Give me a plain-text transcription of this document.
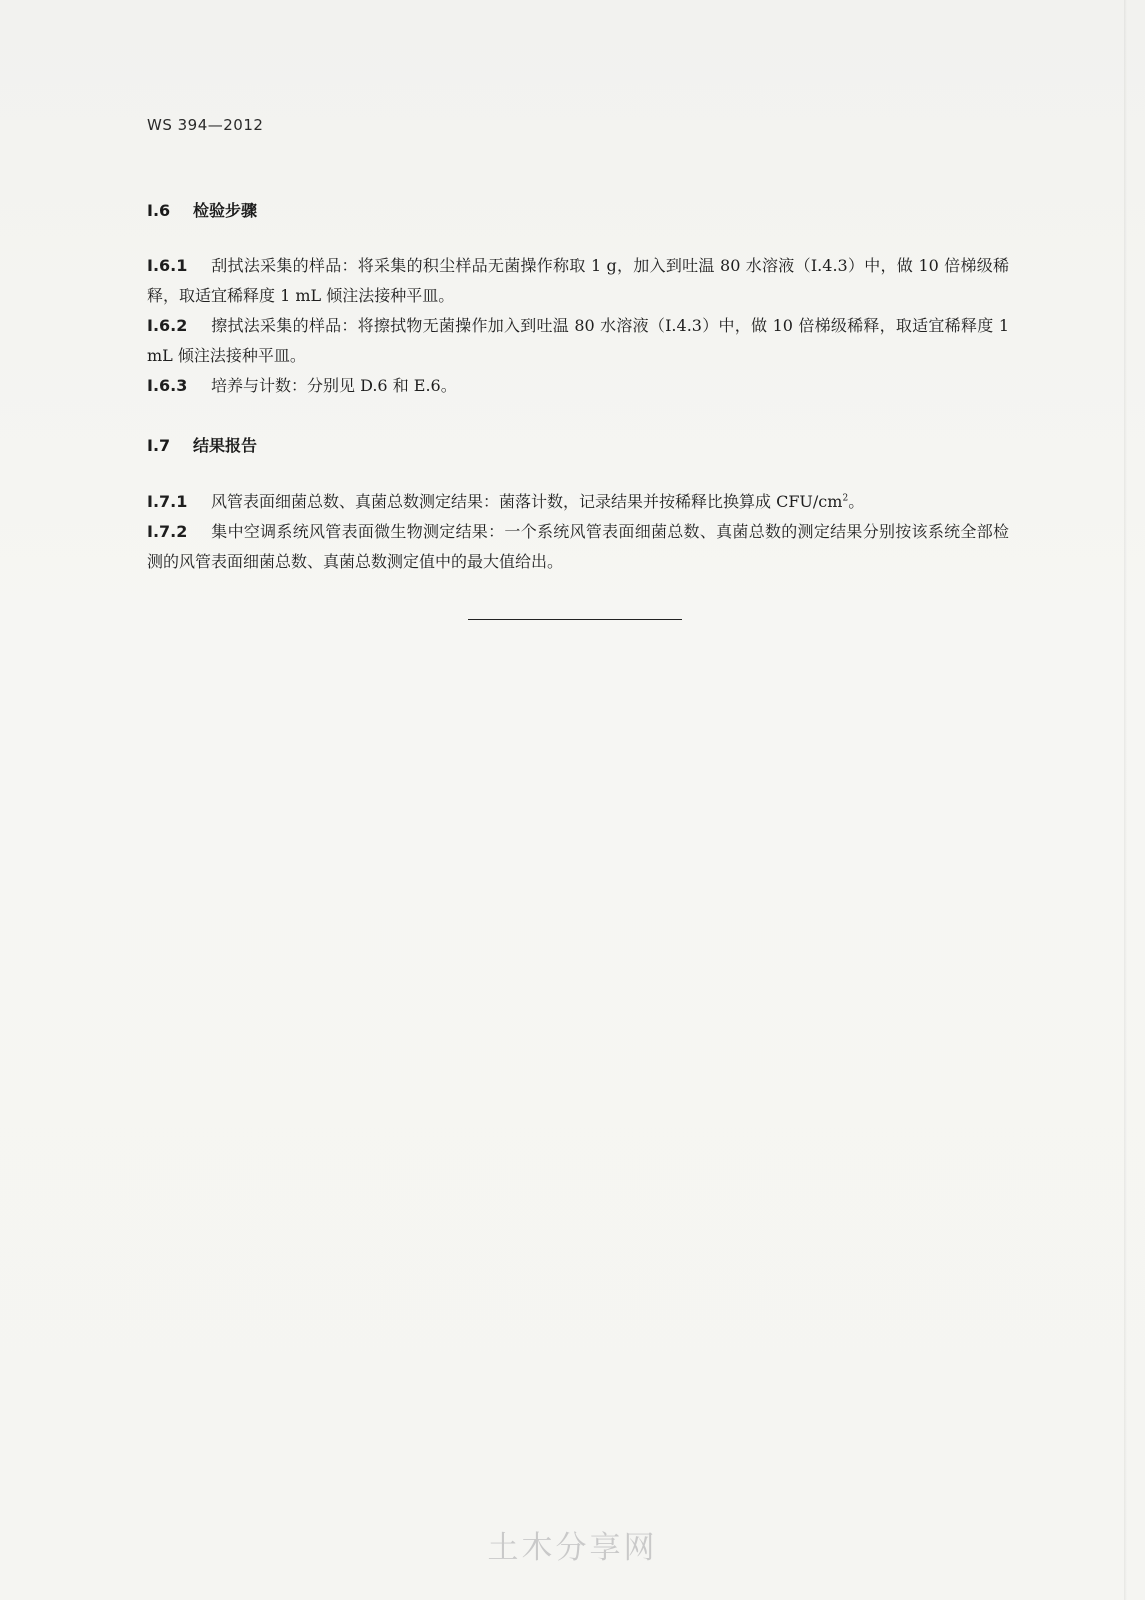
WS 394—2012
I.6 检验步骤
I.6.1 刮拭法采集的样品：将采集的积尘样品无菌操作称取 1 g，加入到吐温 80 水溶液（I.4.3）中，做 10 倍梯级稀释，取适宜稀释度 1 mL 倾注法接种平皿。
I.6.2 擦拭法采集的样品：将擦拭物无菌操作加入到吐温 80 水溶液（I.4.3）中，做 10 倍梯级稀释，取适宜稀释度 1 mL 倾注法接种平皿。
I.6.3 培养与计数：分别见 D.6 和 E.6。
I.7 结果报告
I.7.1 风管表面细菌总数、真菌总数测定结果：菌落计数，记录结果并按稀释比换算成 CFU/$cm^2$。
I.7.2 集中空调系统风管表面微生物测定结果：一个系统风管表面细菌总数、真菌总数的测定结果分别按该系统全部检测的风管表面细菌总数、真菌总数测定值中的最大值给出。
土木分享网
